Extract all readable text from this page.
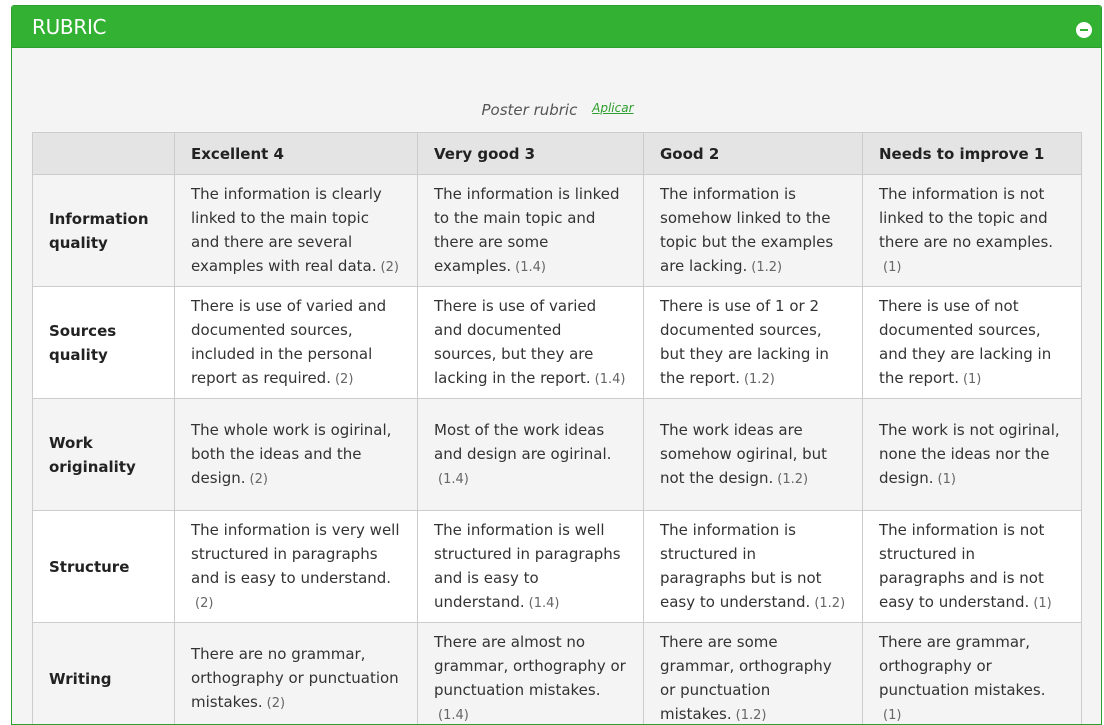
RUBRIC
Poster rubric $^{Aplicar}$
	Excellent 4	Very good 3	Good 2	Needs to improve 1
Information quality	The information is clearly linked to the main topic and there are several examples with real data. (2)	The information is linked to the main topic and there are some examples. (1.4)	The information is somehow linked to the topic but the examples are lacking. (1.2)	The information is not linked to the topic and there are no examples.(1)
Sources quality	There is use of varied and documented sources, included in the personal report as required. (2)	There is use of varied and documented sources, but they are lacking in the report. (1.4)	There is use of 1 or 2 documented sources, but they are lacking in the report. (1.2)	There is use of not documented sources, and they are lacking in the report. (1)
Work originality	The whole work is ogirinal, both the ideas and the design. (2)	Most of the work ideas and design are ogirinal.(1.4)	The work ideas are somehow ogirinal, but not the design. (1.2)	The work is not ogirinal, none the ideas nor the design. (1)
Structure	The information is very well structured in paragraphs and is easy to understand.(2)	The information is well structured in paragraphs and is easy to understand. (1.4)	The information is structured in paragraphs but is not easy to understand. (1.2)	The information is not structured in paragraphs and is not easy to understand. (1)
Writing	There are no grammar, orthography or punctuation mistakes. (2)	There are almost no grammar, orthography or punctuation mistakes.(1.4)	There are some grammar, orthography or punctuation mistakes. (1.2)	There are grammar, orthography or punctuation mistakes.(1)
